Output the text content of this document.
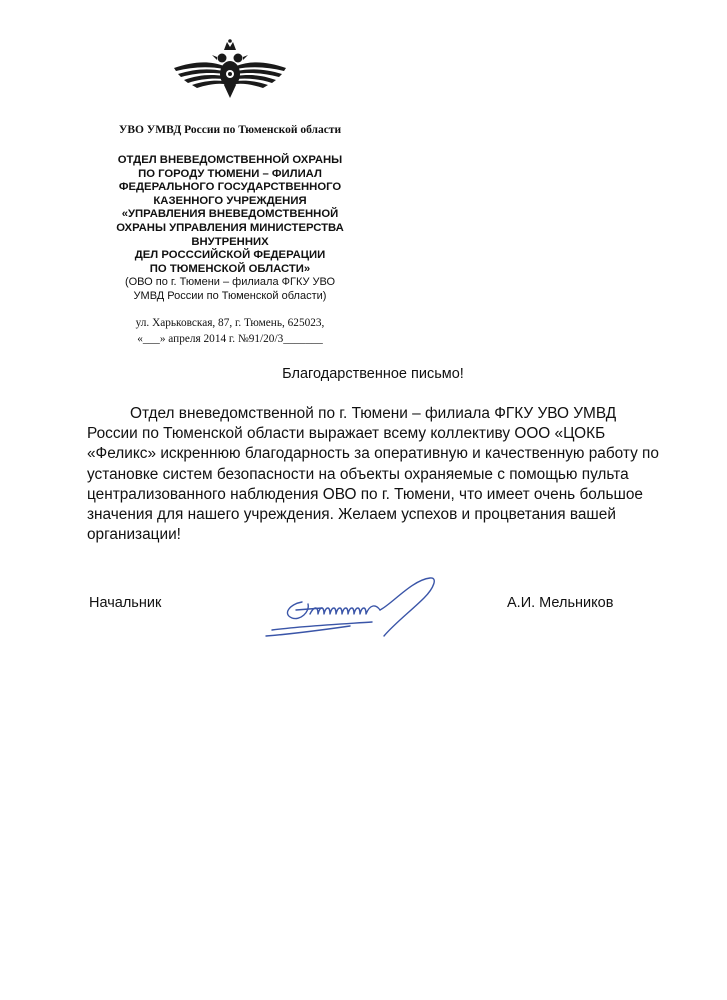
УВО УМВД России по Тюменской области
ОТДЕЛ ВНЕВЕДОМСТВЕННОЙ ОХРАНЫ
ПО ГОРОДУ ТЮМЕНИ – ФИЛИАЛ
ФЕДЕРАЛЬНОГО ГОСУДАРСТВЕННОГО
КАЗЕННОГО УЧРЕЖДЕНИЯ
«УПРАВЛЕНИЯ ВНЕВЕДОМСТВЕННОЙ
ОХРАНЫ УПРАВЛЕНИЯ МИНИСТЕРСТВА
ВНУТРЕННИХ
ДЕЛ РОСССИЙСКОЙ ФЕДЕРАЦИИ
ПО ТЮМЕНСКОЙ ОБЛАСТИ»
(ОВО по г. Тюмени – филиала ФГКУ УВО
УМВД России по Тюменской области)
ул. Харьковская, 87, г. Тюмень, 625023,
«___» апреля 2014 г. №91/20/3_______
Благодарственное письмо!
Отдел вневедомственной по г. Тюмени – филиала ФГКУ УВО УМВД
России по Тюменской области выражает всему коллективу ООО «ЦОКБ
«Феликс» искреннюю благодарность за оперативную и качественную работу по
установке систем безопасности на объекты охраняемые с помощью пульта
централизованного наблюдения ОВО по г. Тюмени, что имеет очень большое
значения для нашего учреждения. Желаем успехов и процветания вашей
организации!
Начальник	А.И. Мельников
